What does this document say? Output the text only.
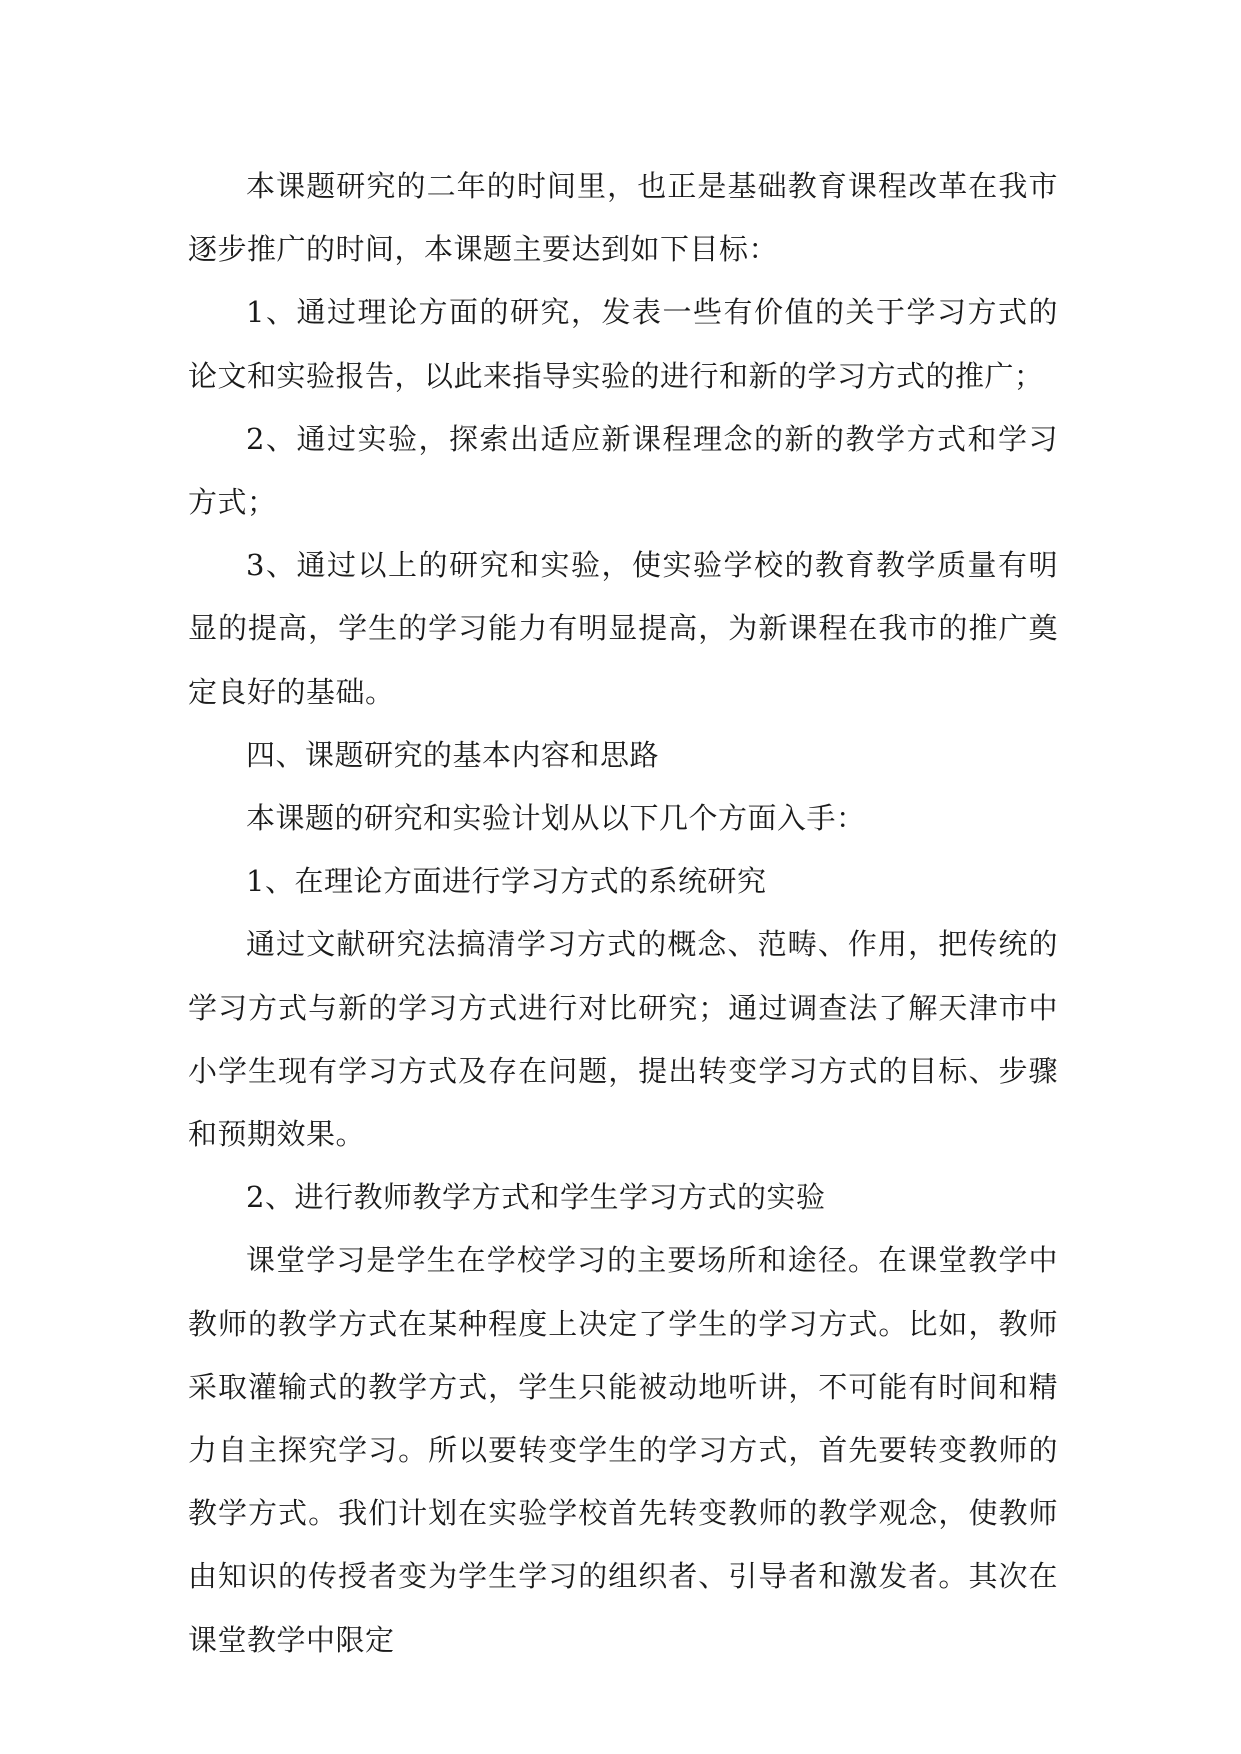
本课题研究的二年的时间里，也正是基础教育课程改革在我市逐步推广的时间，本课题主要达到如下目标：

1、通过理论方面的研究，发表一些有价值的关于学习方式的论文和实验报告，以此来指导实验的进行和新的学习方式的推广；

2、通过实验，探索出适应新课程理念的新的教学方式和学习方式；

3、通过以上的研究和实验，使实验学校的教育教学质量有明显的提高，学生的学习能力有明显提高，为新课程在我市的推广奠定良好的基础。

四、课题研究的基本内容和思路

本课题的研究和实验计划从以下几个方面入手：

1、在理论方面进行学习方式的系统研究

通过文献研究法搞清学习方式的概念、范畴、作用，把传统的学习方式与新的学习方式进行对比研究；通过调查法了解天津市中小学生现有学习方式及存在问题，提出转变学习方式的目标、步骤和预期效果。

2、进行教师教学方式和学生学习方式的实验

课堂学习是学生在学校学习的主要场所和途径。在课堂教学中教师的教学方式在某种程度上决定了学生的学习方式。比如，教师采取灌输式的教学方式，学生只能被动地听讲，不可能有时间和精力自主探究学习。所以要转变学生的学习方式，首先要转变教师的教学方式。我们计划在实验学校首先转变教师的教学观念，使教师由知识的传授者变为学生学习的组织者、引导者和激发者。其次在课堂教学中限定
